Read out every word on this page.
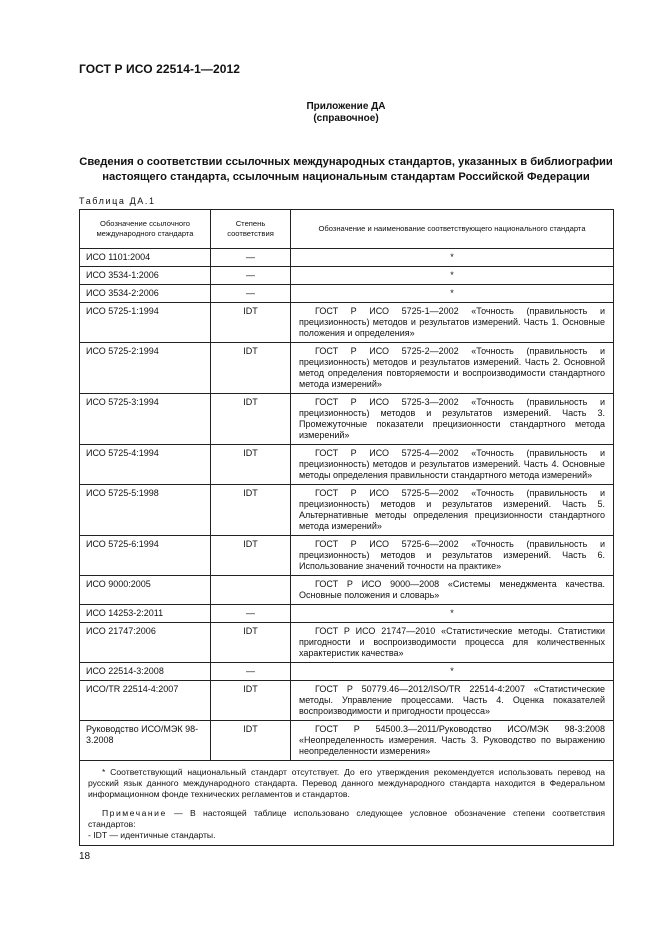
ГОСТ Р ИСО 22514-1—2012
Приложение ДА
(справочное)
Сведения о соответствии ссылочных международных стандартов, указанных в библиографии настоящего стандарта, ссылочным национальным стандартам Российской Федерации
Таблица ДА.1
Обозначение ссылочного международного стандарта	Степень соответствия	Обозначение и наименование соответствующего национального стандарта
ИСО 1101:2004	—	*
ИСО 3534-1:2006	—	*
ИСО 3534-2:2006	—	*
ИСО 5725-1:1994	IDT	ГОСТ Р ИСО 5725-1—2002 «Точность (правильность и прецизионность) методов и результатов измерений. Часть 1. Основные положения и определения»
ИСО 5725-2:1994	IDT	ГОСТ Р ИСО 5725-2—2002 «Точность (правильность и прецизионность) методов и результатов измерений. Часть 2. Основной метод определения повторяемости и воспроизводимости стандартного метода измерений»
ИСО 5725-3:1994	IDT	ГОСТ Р ИСО 5725-3—2002 «Точность (правильность и прецизионность) методов и результатов измерений. Часть 3. Промежуточные показатели прецизионности стандартного метода измерений»
ИСО 5725-4:1994	IDT	ГОСТ Р ИСО 5725-4—2002 «Точность (правильность и прецизионность) методов и результатов измерений. Часть 4. Основные методы определения правильности стандартного метода измерений»
ИСО 5725-5:1998	IDT	ГОСТ Р ИСО 5725-5—2002 «Точность (правильность и прецизионность) методов и результатов измерений. Часть 5. Альтернативные методы определения прецизионности стандартного метода измерений»
ИСО 5725-6:1994	IDT	ГОСТ Р ИСО 5725-6—2002 «Точность (правильность и прецизионность) методов и результатов измерений. Часть 6. Использование значений точности на практике»
ИСО 9000:2005		ГОСТ Р ИСО 9000—2008 «Системы менеджмента качества. Основные положения и словарь»
ИСО 14253-2:2011	—	*
ИСО 21747:2006	IDT	ГОСТ Р ИСО 21747—2010 «Статистические методы. Статистики пригодности и воспроизводимости процесса для количественных характеристик качества»
ИСО 22514-3:2008	—	*
ИСО/TR 22514-4:2007	IDT	ГОСТ Р 50779.46—2012/ISO/TR 22514-4:2007 «Статистические методы. Управление процессами. Часть 4. Оценка показателей воспроизводимости и пригодности процесса»
Руководство ИСО/МЭК 98-3.2008	IDT	ГОСТ Р 54500.3—2011/Руководство ИСО/МЭК 98-3:2008 «Неопределенность измерения. Часть 3. Руководство по выражению неопределенности измерения»

* Соответствующий национальный стандарт отсутствует. До его утверждения рекомендуется использовать перевод на русский язык данного международного стандарта. Перевод данного международного стандарта находится в Федеральном информационном фонде технических регламентов и стандартов.

Примечание — В настоящей таблице использовано следующее условное обозначение степени соответствия стандартов:

- IDT — идентичные стандарты.		

18
